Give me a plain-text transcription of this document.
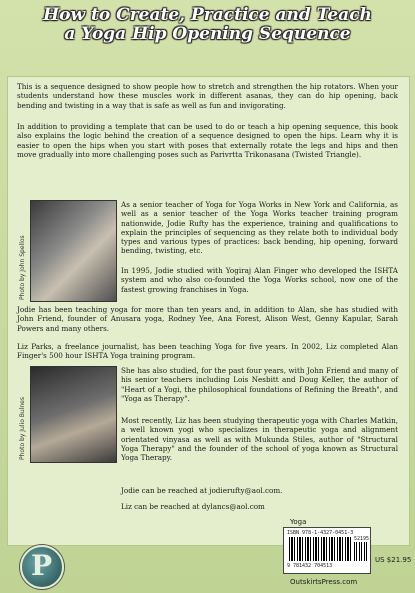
How to Create, Practice and Teach
a Yoga Hip Opening Sequence

This is a sequence designed to show people how to stretch and strengthen the hip rotators. When your students understand how these muscles work in different asanas, they can do hip opening, back bending and twisting in a way that is safe as well as fun and invigorating.

In addition to providing a template that can be used to do or teach a hip opening sequence, this book also explains the logic behind the creation of a sequence designed to open the hips. Learn why it is easier to open the hips when you start with poses that externally rotate the legs and hips and then move gradually into more challenging poses such as Parivrtta Trikonasana (Twisted Triangle).

Photo by John Spellos

As a senior teacher of Yoga for Yoga Works in New York and California, as well as a senior teacher of the Yoga Works teacher training program nationwide, Jodie Rufty has the experience, training and qualifications to explain the principles of sequencing as they relate both to individual body types and various types of practices: back bending, hip opening, forward bending, twisting, etc.

In 1995, Jodie studied with Yogiraj Alan Finger who developed the ISHTA system and who also co-founded the Yoga Works school, now one of the fastest growing franchises in Yoga.

Jodie has been teaching yoga for more than ten years and, in addition to Alan, she has studied with John Friend, founder of Anusara yoga, Rodney Yee, Ana Forest, Alison West, Genny Kapular, Sarah Powers and many others.

Liz Parks, a freelance journalist, has been teaching Yoga for five years. In 2002, Liz completed Alan Finger's 500 hour ISHTA Yoga training program.

Photo by Julio Bulnes

She has also studied, for the past four years, with John Friend and many of his senior teachers including Lois Nesbitt and Doug Keller, the author of "Heart of a Yogi, the philosophical foundations of Refining the Breath", and "Yoga as Therapy".

Most recently, Liz has been studying therapeutic yoga with Charles Matkin, a well known yogi who specializes in therapeutic yoga and alignment orientated vinyasa as well as with Mukunda Stiles, author of "Structural Yoga Therapy" and the founder of the school of yoga known as Structural Yoga Therapy.

Jodie can be reached at jodierufty@aol.com.

Liz can be reached at dylancs@aol.com

P
Yoga
ISBN 978-1-4327-0451-3
52195
9 781432 704513
US $21.95
OutskirtsPress.com
